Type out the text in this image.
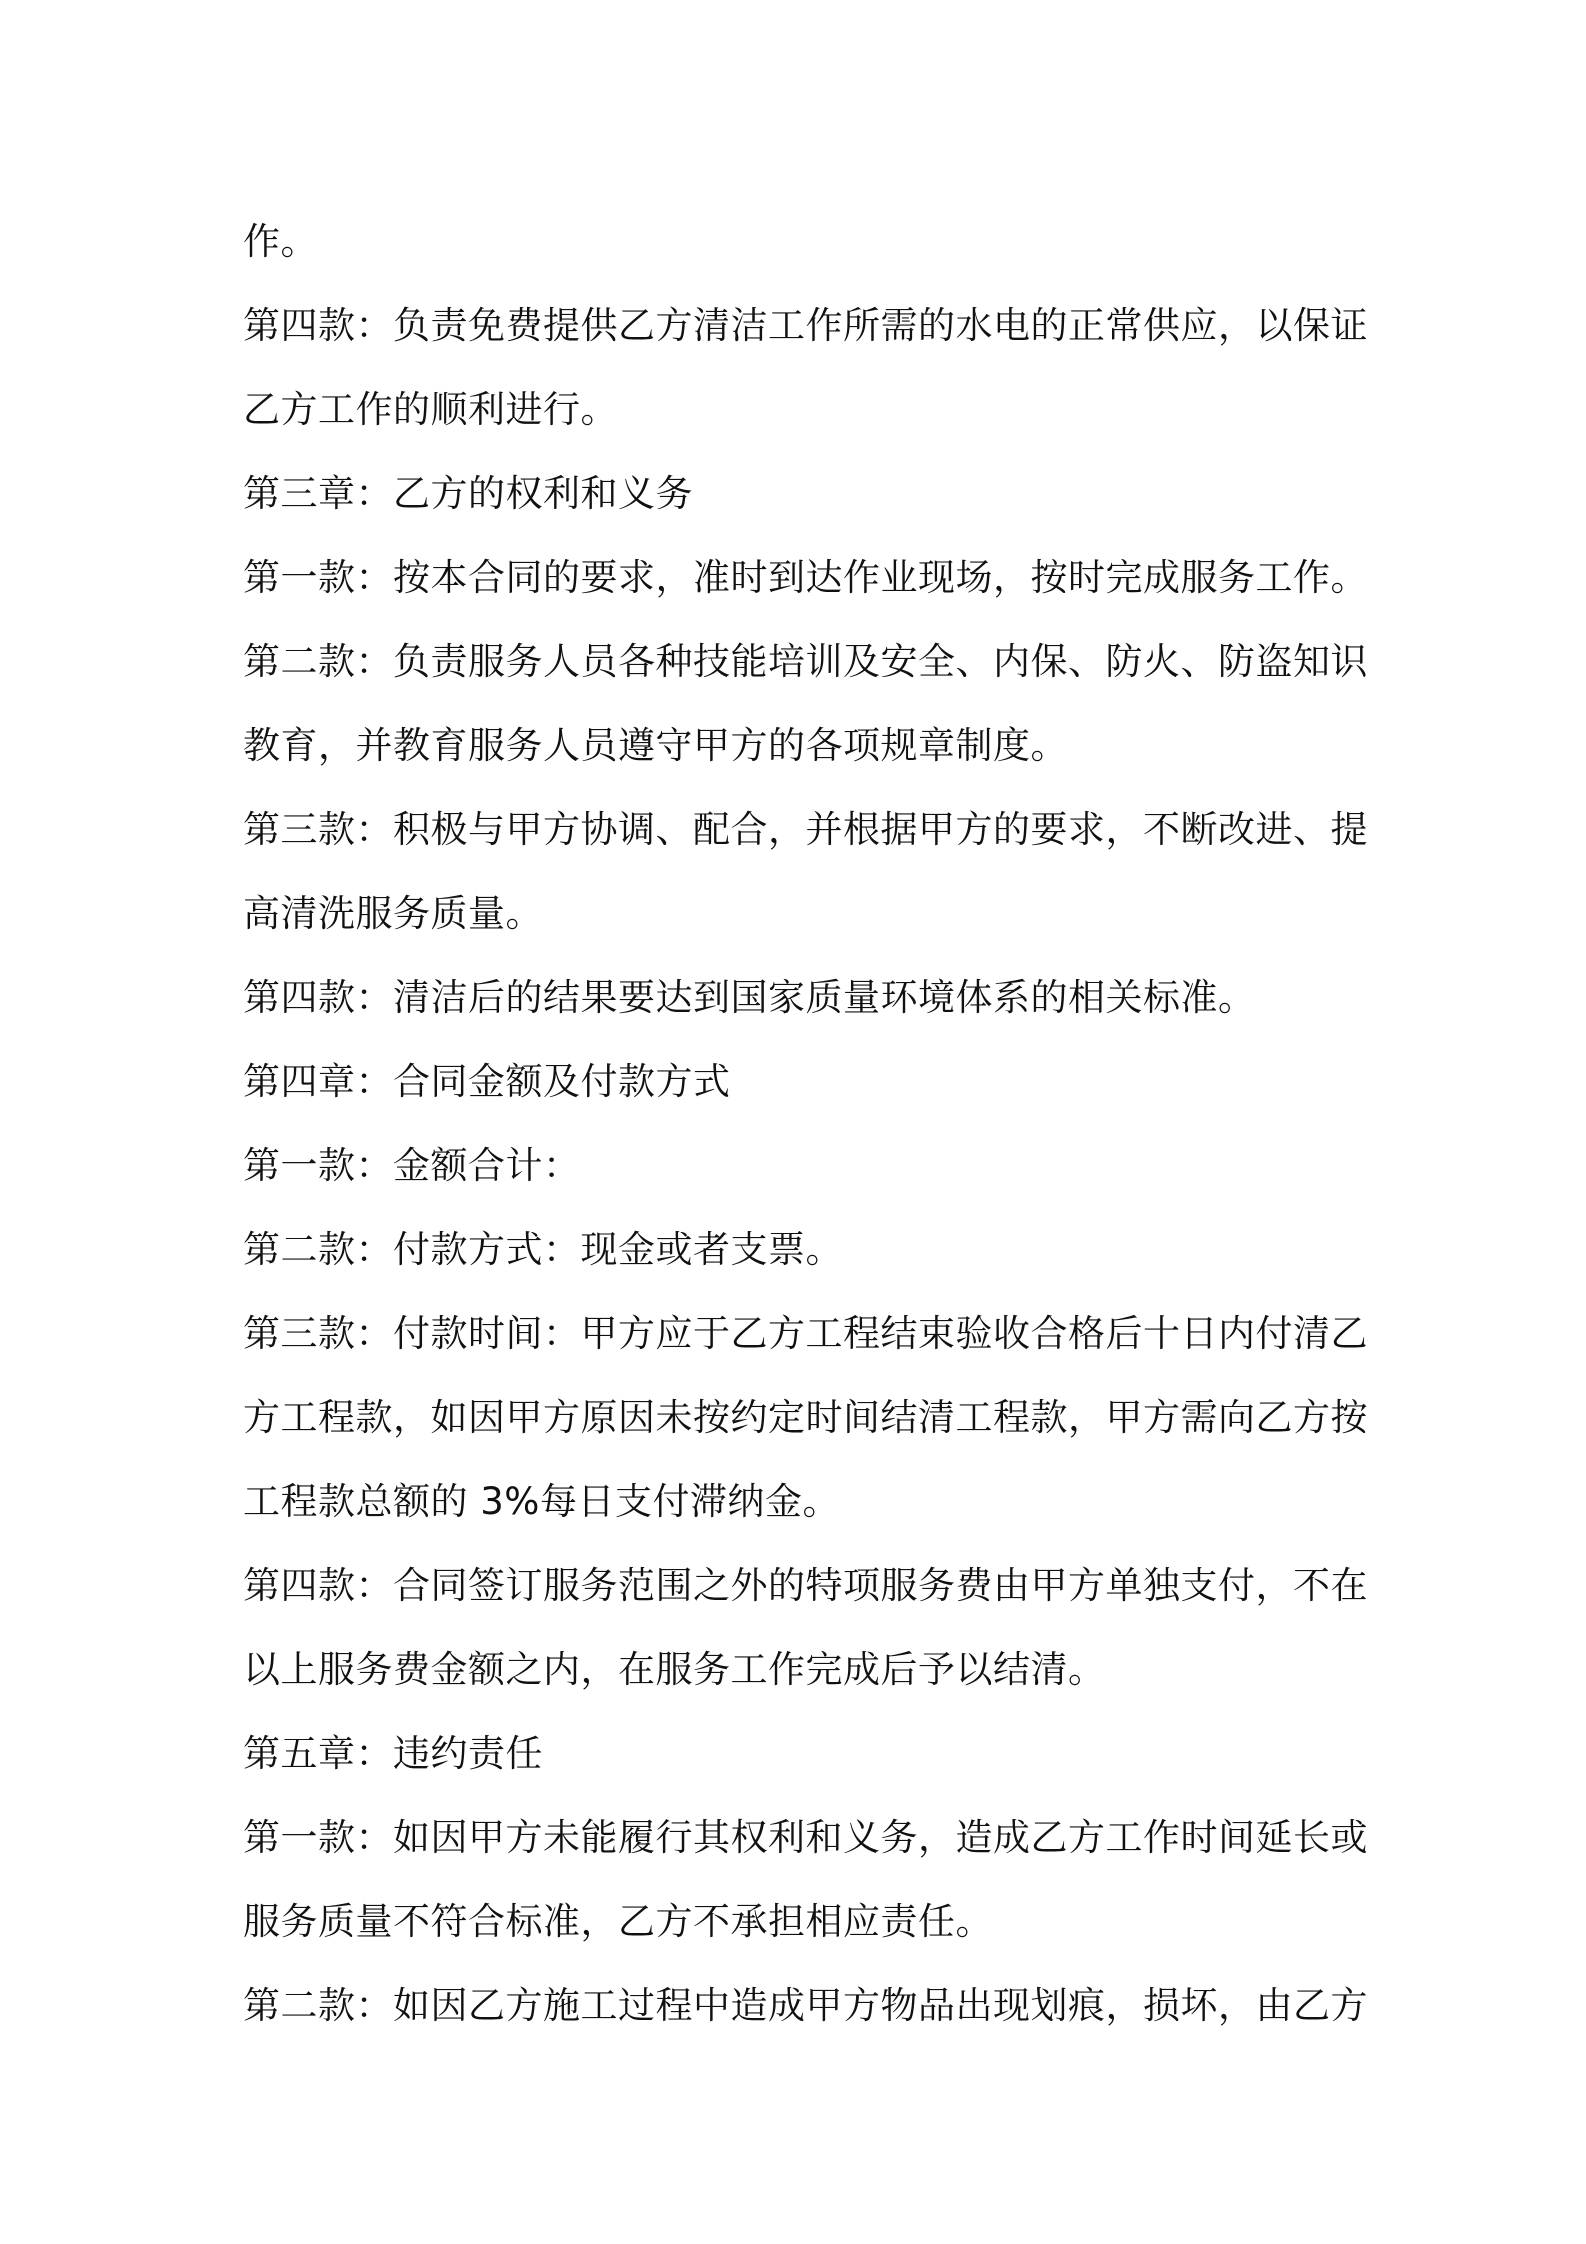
作。
第四款：负责免费提供乙方清洁工作所需的水电的正常供应，以保证
乙方工作的顺利进行。
第三章：乙方的权利和义务
第一款：按本合同的要求，准时到达作业现场，按时完成服务工作。
第二款：负责服务人员各种技能培训及安全、内保、防火、防盗知识
教育，并教育服务人员遵守甲方的各项规章制度。
第三款：积极与甲方协调、配合，并根据甲方的要求，不断改进、提
高清洗服务质量。
第四款：清洁后的结果要达到国家质量环境体系的相关标准。
第四章：合同金额及付款方式
第一款：金额合计：
第二款：付款方式：现金或者支票。
第三款：付款时间：甲方应于乙方工程结束验收合格后十日内付清乙
方工程款，如因甲方原因未按约定时间结清工程款，甲方需向乙方按
工程款总额的 3%每日支付滞纳金。
第四款：合同签订服务范围之外的特项服务费由甲方单独支付，不在
以上服务费金额之内，在服务工作完成后予以结清。
第五章：违约责任
第一款：如因甲方未能履行其权利和义务，造成乙方工作时间延长或
服务质量不符合标准，乙方不承担相应责任。
第二款：如因乙方施工过程中造成甲方物品出现划痕，损坏，由乙方
